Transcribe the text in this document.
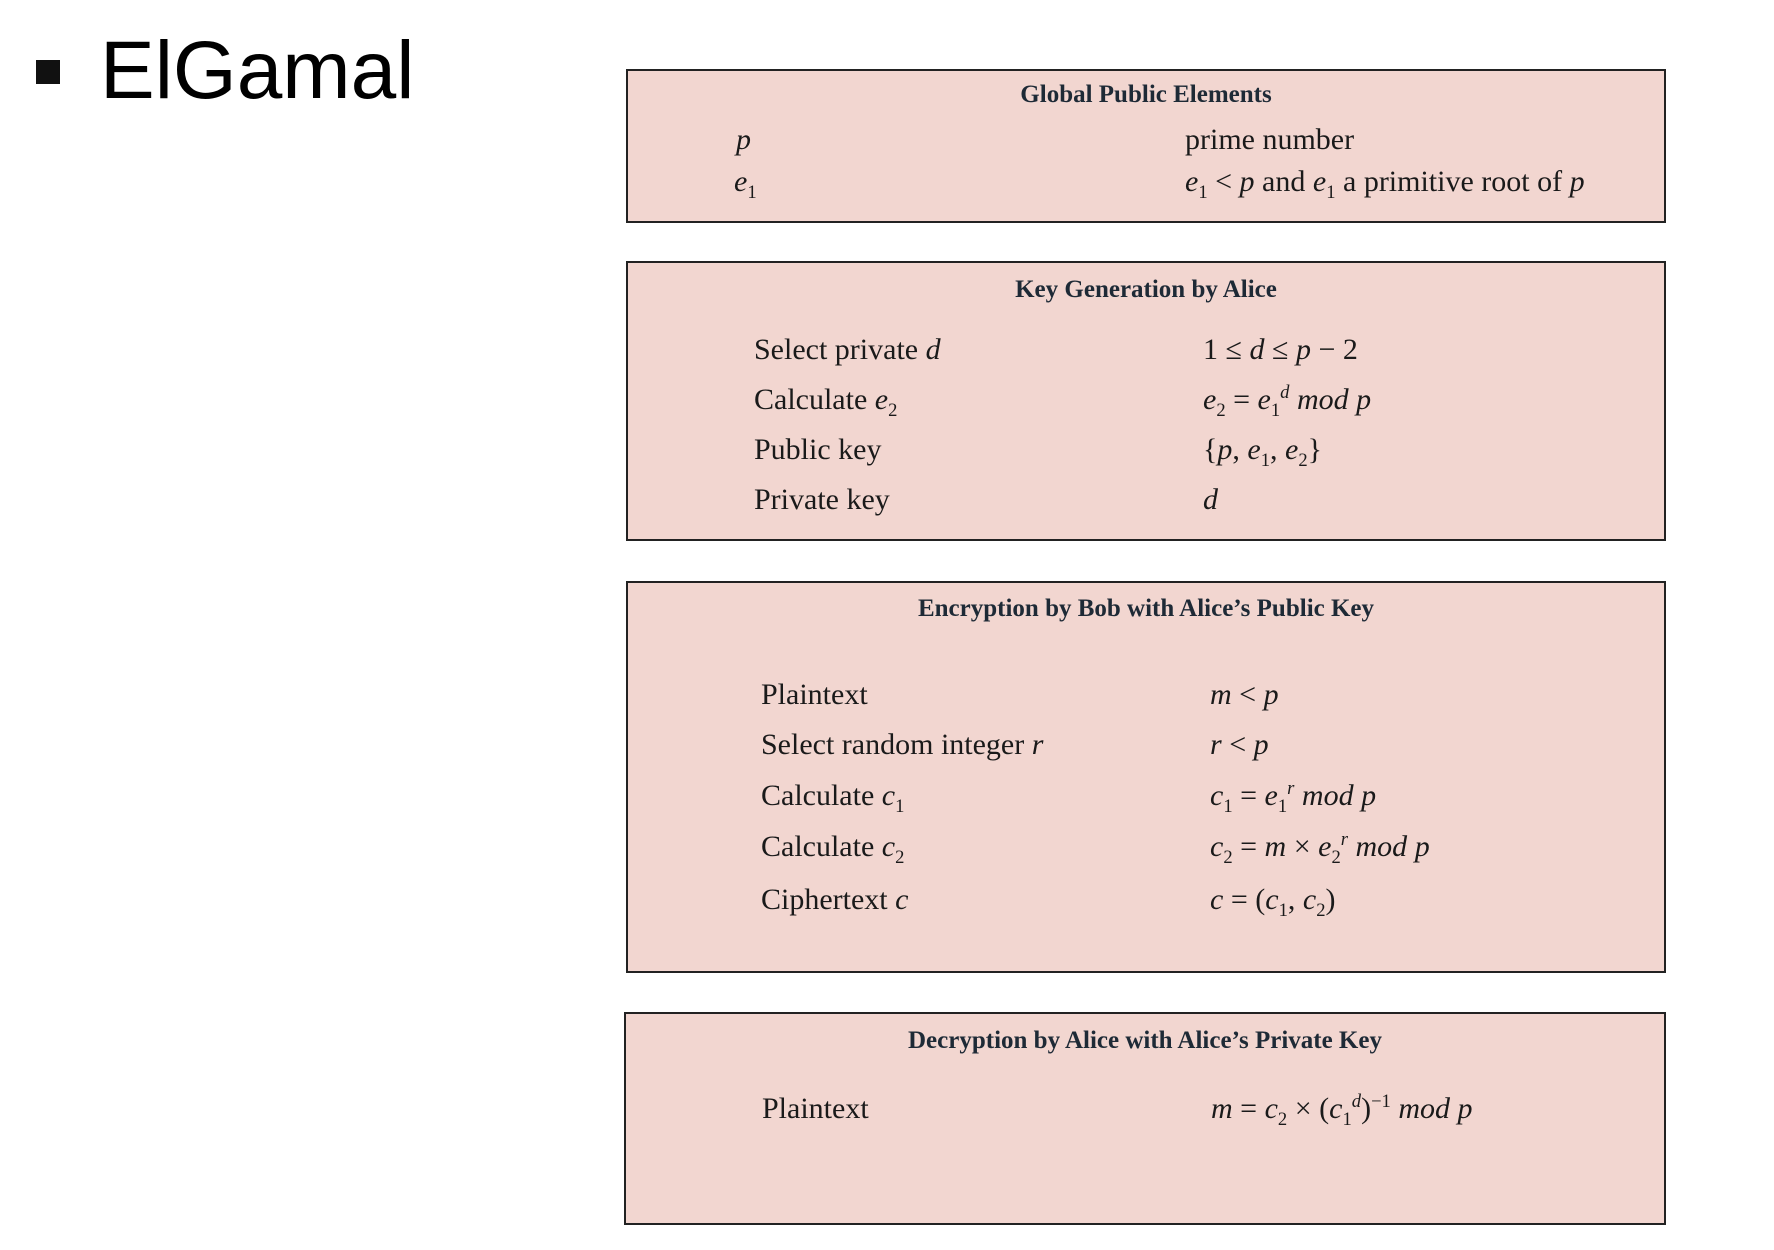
ElGamal	Global Public Elements
p	prime number
$e_1$	$e_1 < p$ and $e_1$ a primitive root of p
Key Generation by Alice
Select private d	1 ≤ d ≤ p − 2
Calculate $e_2$	$e_2 = e_1^d$ mod p
Public key	{p, $e_1$, $e_2$}
Private key	d
Encryption by Bob with Alice’s Public Key
Plaintext	m < p
Select random integer r	r < p
Calculate $c_1$	$c_1 = e_1^r$ mod p
Calculate $c_2$	$c_2 = m \times e_2^r$ mod p
Ciphertext c	$c = (c_1$, $c_2$)
Decryption by Alice with Alice’s Private Key
Plaintext	$m = c_2 \times (c_1^d)^{-1}$ mod p
